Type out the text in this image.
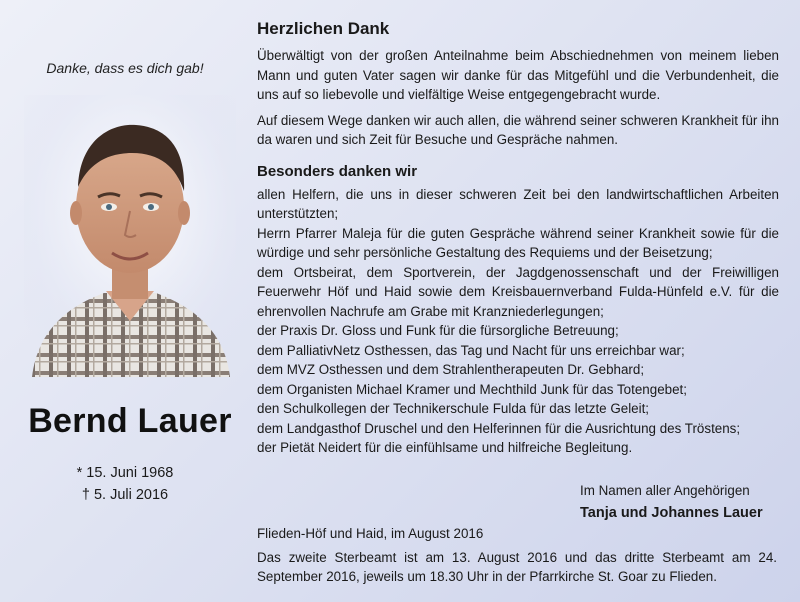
Danke, dass es dich gab!
Bernd Lauer
* 15. Juni 1968
† 5. Juli 2016
Herzlichen Dank

Überwältigt von der großen Anteilnahme beim Abschiednehmen von meinem lieben Mann und guten Vater sagen wir danke für das Mitgefühl und die Verbundenheit, die uns auf so liebevolle und vielfältige Weise entgegengebracht wurde.

Auf diesem Wege danken wir auch allen, die während seiner schweren Krankheit für ihn da waren und sich Zeit für Besuche und Gespräche nahmen.

Besonders danken wir
allen Helfern, die uns in dieser schweren Zeit bei den landwirtschaftlichen Arbeiten unterstützten;
Herrn Pfarrer Maleja für die guten Gespräche während seiner Krankheit sowie für die würdige und sehr persönliche Gestaltung des Requiems und der Beisetzung;
dem Ortsbeirat, dem Sportverein, der Jagdgenossenschaft und der Freiwilligen Feuerwehr Höf und Haid sowie dem Kreisbauernverband Fulda-Hünfeld e.V. für die ehrenvollen Nachrufe am Grabe mit Kranzniederlegungen;
der Praxis Dr. Gloss und Funk für die fürsorgliche Betreuung;
dem PalliativNetz Osthessen, das Tag und Nacht für uns erreichbar war;
dem MVZ Osthessen und dem Strahlentherapeuten Dr. Gebhard;
dem Organisten Michael Kramer und Mechthild Junk für das Totengebet;
den Schulkollegen der Technikerschule Fulda für das letzte Geleit;
dem Landgasthof Druschel und den Helferinnen für die Ausrichtung des Tröstens;
der Pietät Neidert für die einfühlsame und hilfreiche Begleitung.
Im Namen aller Angehörigen
Tanja und Johannes Lauer
Flieden-Höf und Haid, im August 2016
Das zweite Sterbeamt ist am 13. August 2016 und das dritte Sterbeamt am 24. September 2016, jeweils um 18.30 Uhr in der Pfarrkirche St. Goar zu Flieden.
